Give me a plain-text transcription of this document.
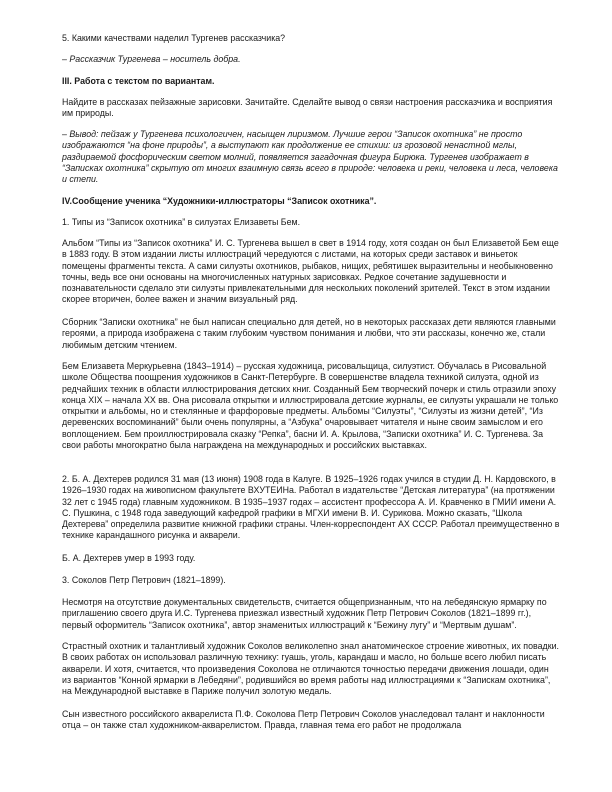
5. Какими качествами наделил Тургенев рассказчика?

– Рассказчик Тургенева – носитель добра.

III. Работа с текстом по вариантам.

Найдите в рассказах пейзажные зарисовки. Зачитайте. Сделайте вывод о связи настроения рассказчика и восприятия им природы.

– Вывод: пейзаж у Тургенева психологичен, насыщен лиризмом. Лучшие герои “Записок охотника” не просто изображаются “на фоне природы”, а выступают как продолжение ее стихии: из грозовой ненастной мглы, раздираемой фосфорическим светом молний, появляется загадочная фигура Бирюка. Тургенев изображает в “Записках охотника” скрытую от многих взаимную связь всего в природе: человека и реки, человека и леса, человека и степи.

IV.Сообщение ученика “Художники-иллюстраторы “Записок охотника”.

1. Типы из “Записок охотника” в силуэтах Елизаветы Бем.

Альбом “Типы из “Записок охотника” И. С. Тургенева вышел в свет в 1914 году, хотя создан он был Елизаветой Бем еще в 1883 году. В этом издании листы иллюстраций чередуются с листами, на которых среди заставок и виньеток помещены фрагменты текста. А сами силуэты охотников, рыбаков, нищих, ребятишек выразительны и необыкновенно точны, ведь все они основаны на многочисленных натурных зарисовках. Редкое сочетание задушевности и познавательности сделало эти силуэты привлекательными для нескольких поколений зрителей. Текст в этом издании скорее вторичен, более важен и значим визуальный ряд.

Сборник “Записки охотника” не был написан специально для детей, но в некоторых рассказах дети являются главными героями, а природа изображена с таким глубоким чувством понимания и любви, что эти рассказы, конечно же, стали любимым детским чтением.

Бем Елизавета Меркурьевна (1843–1914) – русская художница, рисовальщица, силуэтист. Обучалась в Рисовальной школе Общества поощрения художников в Санкт-Петербурге. В совершенстве владела техникой силуэта, одной из редчайших техник в области иллюстрирования детских книг. Созданный Бем творческий почерк и стиль отразили эпоху конца XIX – начала XX вв. Она рисовала открытки и иллюстрировала детские журналы, ее силуэты украшали не только открытки и альбомы, но и стеклянные и фарфоровые предметы. Альбомы “Силуэты”, “Силуэты из жизни детей”, “Из деревенских воспоминаний” были очень популярны, а “Азбука” очаровывает читателя и ныне своим замыслом и его воплощением. Бем проиллюстрировала сказку “Репка”, басни И. А. Крылова, “Записки охотника” И. С. Тургенева. За свои работы многократно была награждена на международных и российских выставках.

2. Б. А. Дехтерев родился 31 мая (13 июня) 1908 года в Калуге. В 1925–1926 годах учился в студии Д. Н. Кардовского, в 1926–1930 годах на живописном факультете ВХУТЕИНа. Работал в издательстве “Детская литература” (на протяжении 32 лет с 1945 года) главным художником. В 1935–1937 годах – ассистент профессора А. И. Кравченко в ГМИИ имени А. С. Пушкина, с 1948 года заведующий кафедрой графики в МГХИ имени В. И. Сурикова. Можно сказать, “Школа Дехтерева” определила развитие книжной графики страны. Член-корреспондент АХ СССР. Работал преимущественно в технике карандашного рисунка и акварели.

Б. А. Дехтерев умер в 1993 году.

3. Соколов Петр Петрович (1821–1899).

Несмотря на отсутствие документальных свидетельств, считается общепризнанным, что на лебедянскую ярмарку по приглашению своего друга И.С. Тургенева приезжал известный художник Петр Петрович Соколов (1821–1899 гг.), первый оформитель “Записок охотника”, автор знаменитых иллюстраций к “Бежину лугу” и “Мертвым душам”.

Страстный охотник и талантливый художник Соколов великолепно знал анатомическое строение животных, их повадки. В своих работах он использовал различную технику: гуашь, уголь, карандаш и масло, но больше всего любил писать акварели. И хотя, считается, что произведения Соколова не отличаются точностью передачи движения лошади, один из вариантов “Конной ярмарки в Лебедяни”, родившийся во время работы над иллюстрациями к “Запискам охотника”, на Международной выставке в Париже получил золотую медаль.

Сын известного российского акварелиста П.Ф. Соколова Петр Петрович Соколов унаследовал талант и наклонности отца – он также стал художником-акварелистом. Правда, главная тема его работ не продолжала
